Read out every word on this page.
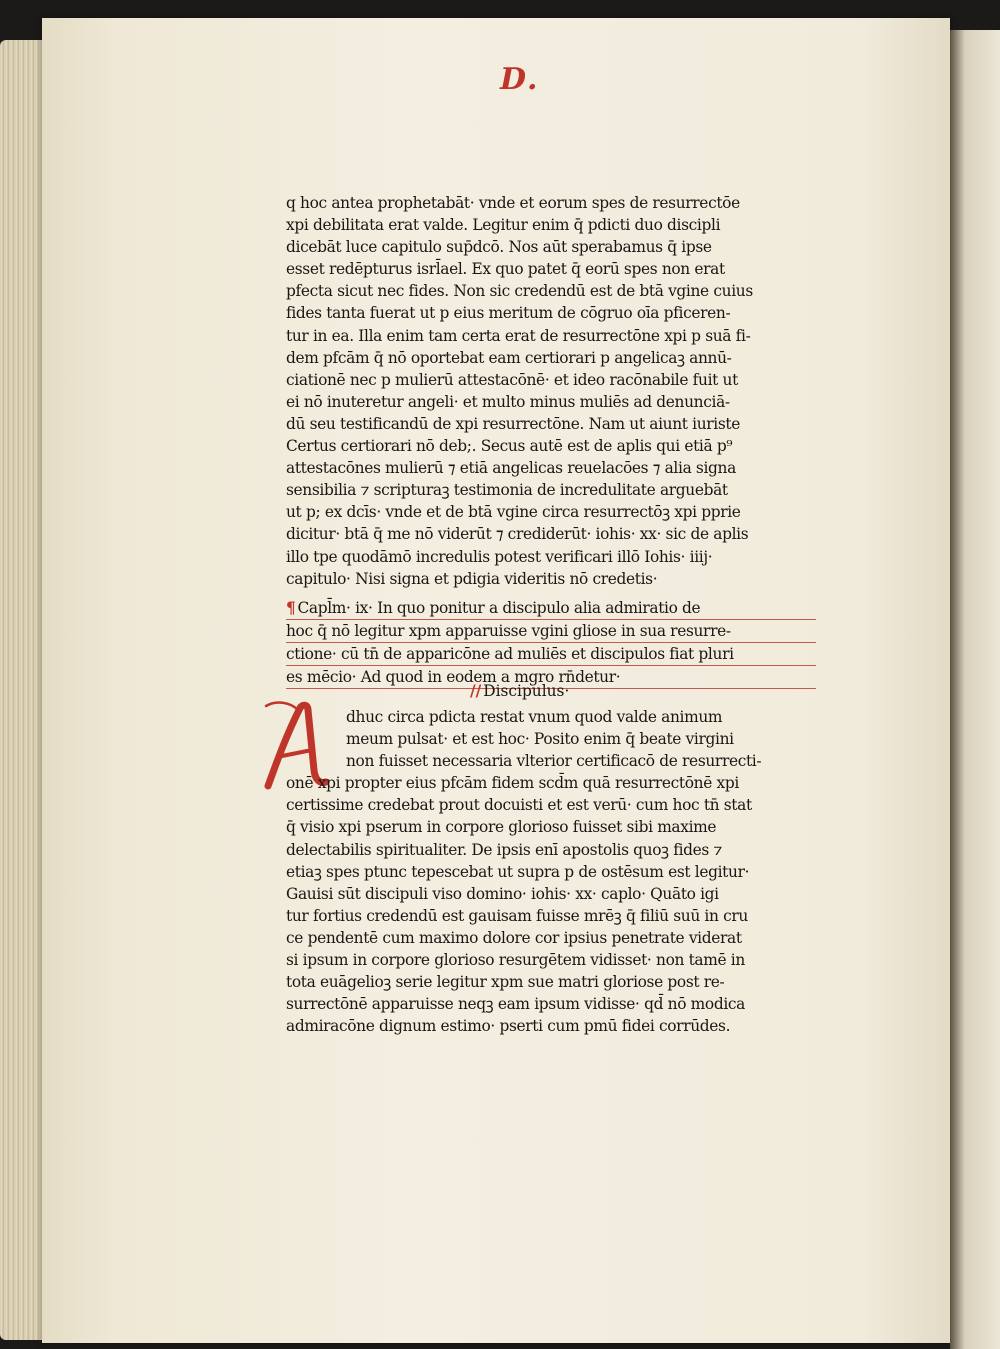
D.
q hoc antea prophetabāt· vnde et eorum spes de resurrectōe
xpi debilitata erat valde. Legitur enim q̄ pdicti duo discipli
dicebāt luce capitulo sup̄dcō. Nos aūt sperabamus q̄ ipse
esset redēpturus isrl̄ael. Ex quo patet q̄ eorū spes non erat
pfecta sicut nec fides. Non sic credendū est de btā vgine cuius
fides tanta fuerat ut p eius meritum de cōgruo oīa pficeren-
tur in ea. Illa enim tam certa erat de resurrectōne xpi p suā fi-
dem pfcām q̄ nō oportebat eam certiorari p angelicaꝫ annū-
ciationē nec p mulierū attestacōnē· et ideo racōnabile fuit ut
ei nō inuteretur angeli· et multo minus muliēs ad denunciā-
dū seu testificandū de xpi resurrectōne. Nam ut aiunt iuriste
Certus certiorari nō deb;. Secus autē est de aplis qui etiā p⁹
attestacōnes mulierū ⁊ etiā angelicas reuelacōes ⁊ alia signa
sensibilia ⁊ scripturaꝫ testimonia de incredulitate arguebāt
ut p; ex dcīs· vnde et de btā vgine circa resurrectōꝫ xpi pprie
dicitur· btā q̄ me nō viderūt ⁊ crediderūt· iohis· xx· sic de aplis
illo tpe quodāmō incredulis potest verificari illō Iohis· iiij·
capitulo· Nisi signa et pdigia videritis nō credetis·
¶ Capl̄m· ix· In quo ponitur a discipulo alia admiratio de
hoc q̄ nō legitur xpm apparuisse vgini gliose in sua resurre-
ctione· cū tn̄ de apparicōne ad muliēs et discipulos fiat pluri
es mēcio· Ad quod in eodem a mgro rn̄detur·
// Discipulus·
dhuc circa pdicta restat vnum quod valde animum
meum pulsat· et est hoc· Posito enim q̄ beate virgini
non fuisset necessaria vlterior certificacō de resurrecti-
onē xpi propter eius pfcām fidem scd̄m quā resurrectōnē xpi
certissime credebat prout docuisti et est verū· cum hoc tn̄ stat
q̄ visio xpi pserum in corpore glorioso fuisset sibi maxime
delectabilis spiritualiter. De ipsis enī apostolis quoꝫ fides ⁊
etiaꝫ spes ptunc tepescebat ut supra p de ostēsum est legitur·
Gauisi sūt discipuli viso domino· iohis· xx· caplo· Quāto igi
tur fortius credendū est gauisam fuisse mrēꝫ q̄ filiū suū in cru
ce pendentē cum maximo dolore cor ipsius penetrate viderat
si ipsum in corpore glorioso resurgētem vidisset· non tamē in
tota euāgelioꝫ serie legitur xpm sue matri gloriose post re-
surrectōnē apparuisse neqꝫ eam ipsum vidisse· qd̄ nō modica
admiracōne dignum estimo· pserti cum pmū fidei corrūdes.
